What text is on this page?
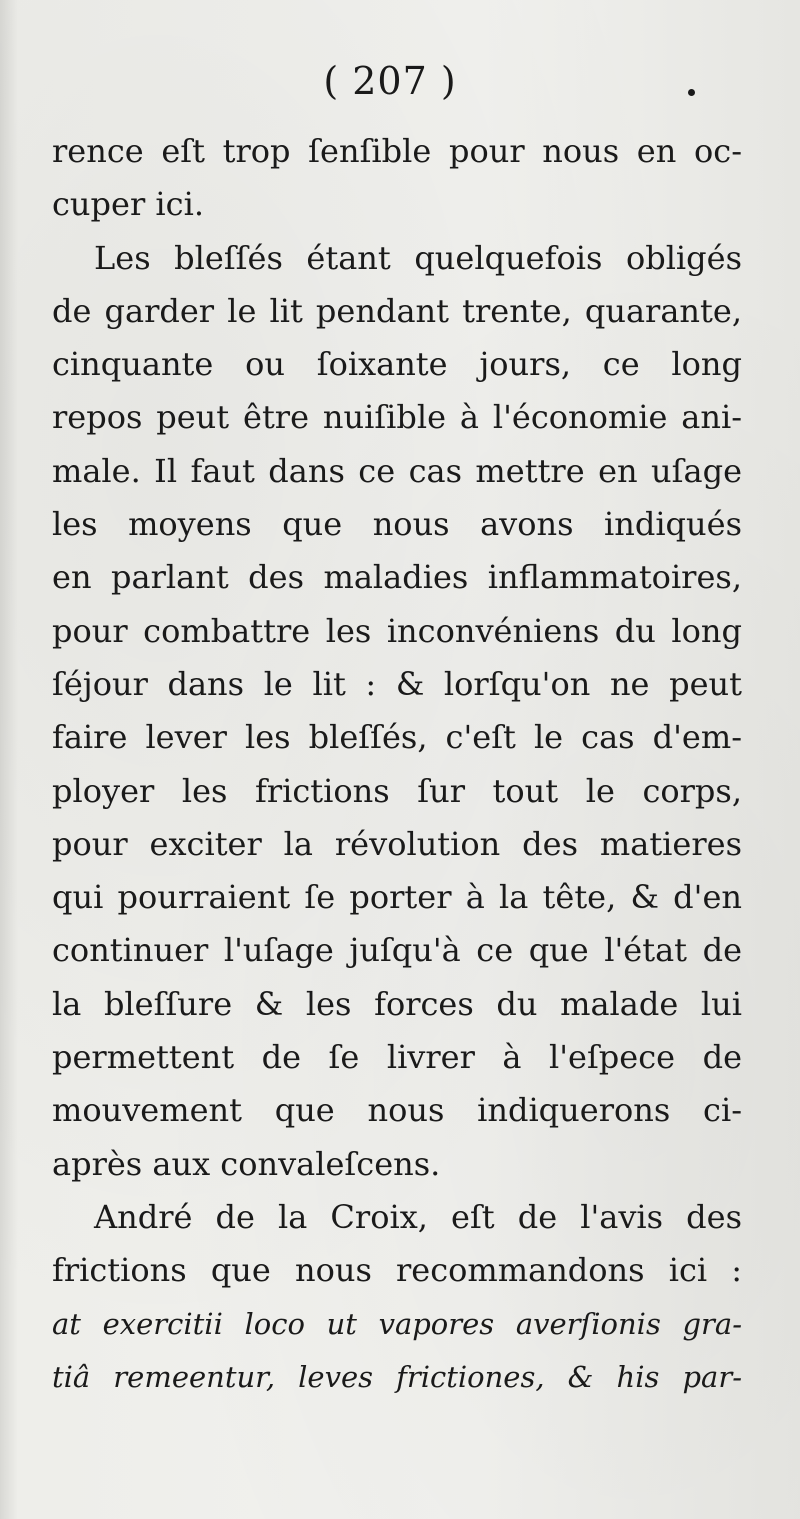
( 207 )
rence eſt trop ſenſible pour nous en oc-
cuper ici.
Les bleſſés étant quelquefois obligés
de garder le lit pendant trente, quarante,
cinquante ou ſoixante jours, ce long
repos peut être nuiſible à l'économie ani-
male. Il faut dans ce cas mettre en uſage
les moyens que nous avons indiqués
en parlant des maladies inflammatoires,
pour combattre les inconvéniens du long
ſéjour dans le lit : & lorſqu'on ne peut
faire lever les bleſſés, c'eſt le cas d'em-
ployer les frictions ſur tout le corps,
pour exciter la révolution des matieres
qui pourraient ſe porter à la tête, & d'en
continuer l'uſage juſqu'à ce que l'état de
la bleſſure & les forces du malade lui
permettent de ſe livrer à l'eſpece de
mouvement que nous indiquerons ci-
après aux convaleſcens.
André de la Croix, eſt de l'avis des
frictions que nous recommandons ici :
at exercitii loco ut vapores averſionis gra-
tiâ remeentur, leves frictiones, & his par-
